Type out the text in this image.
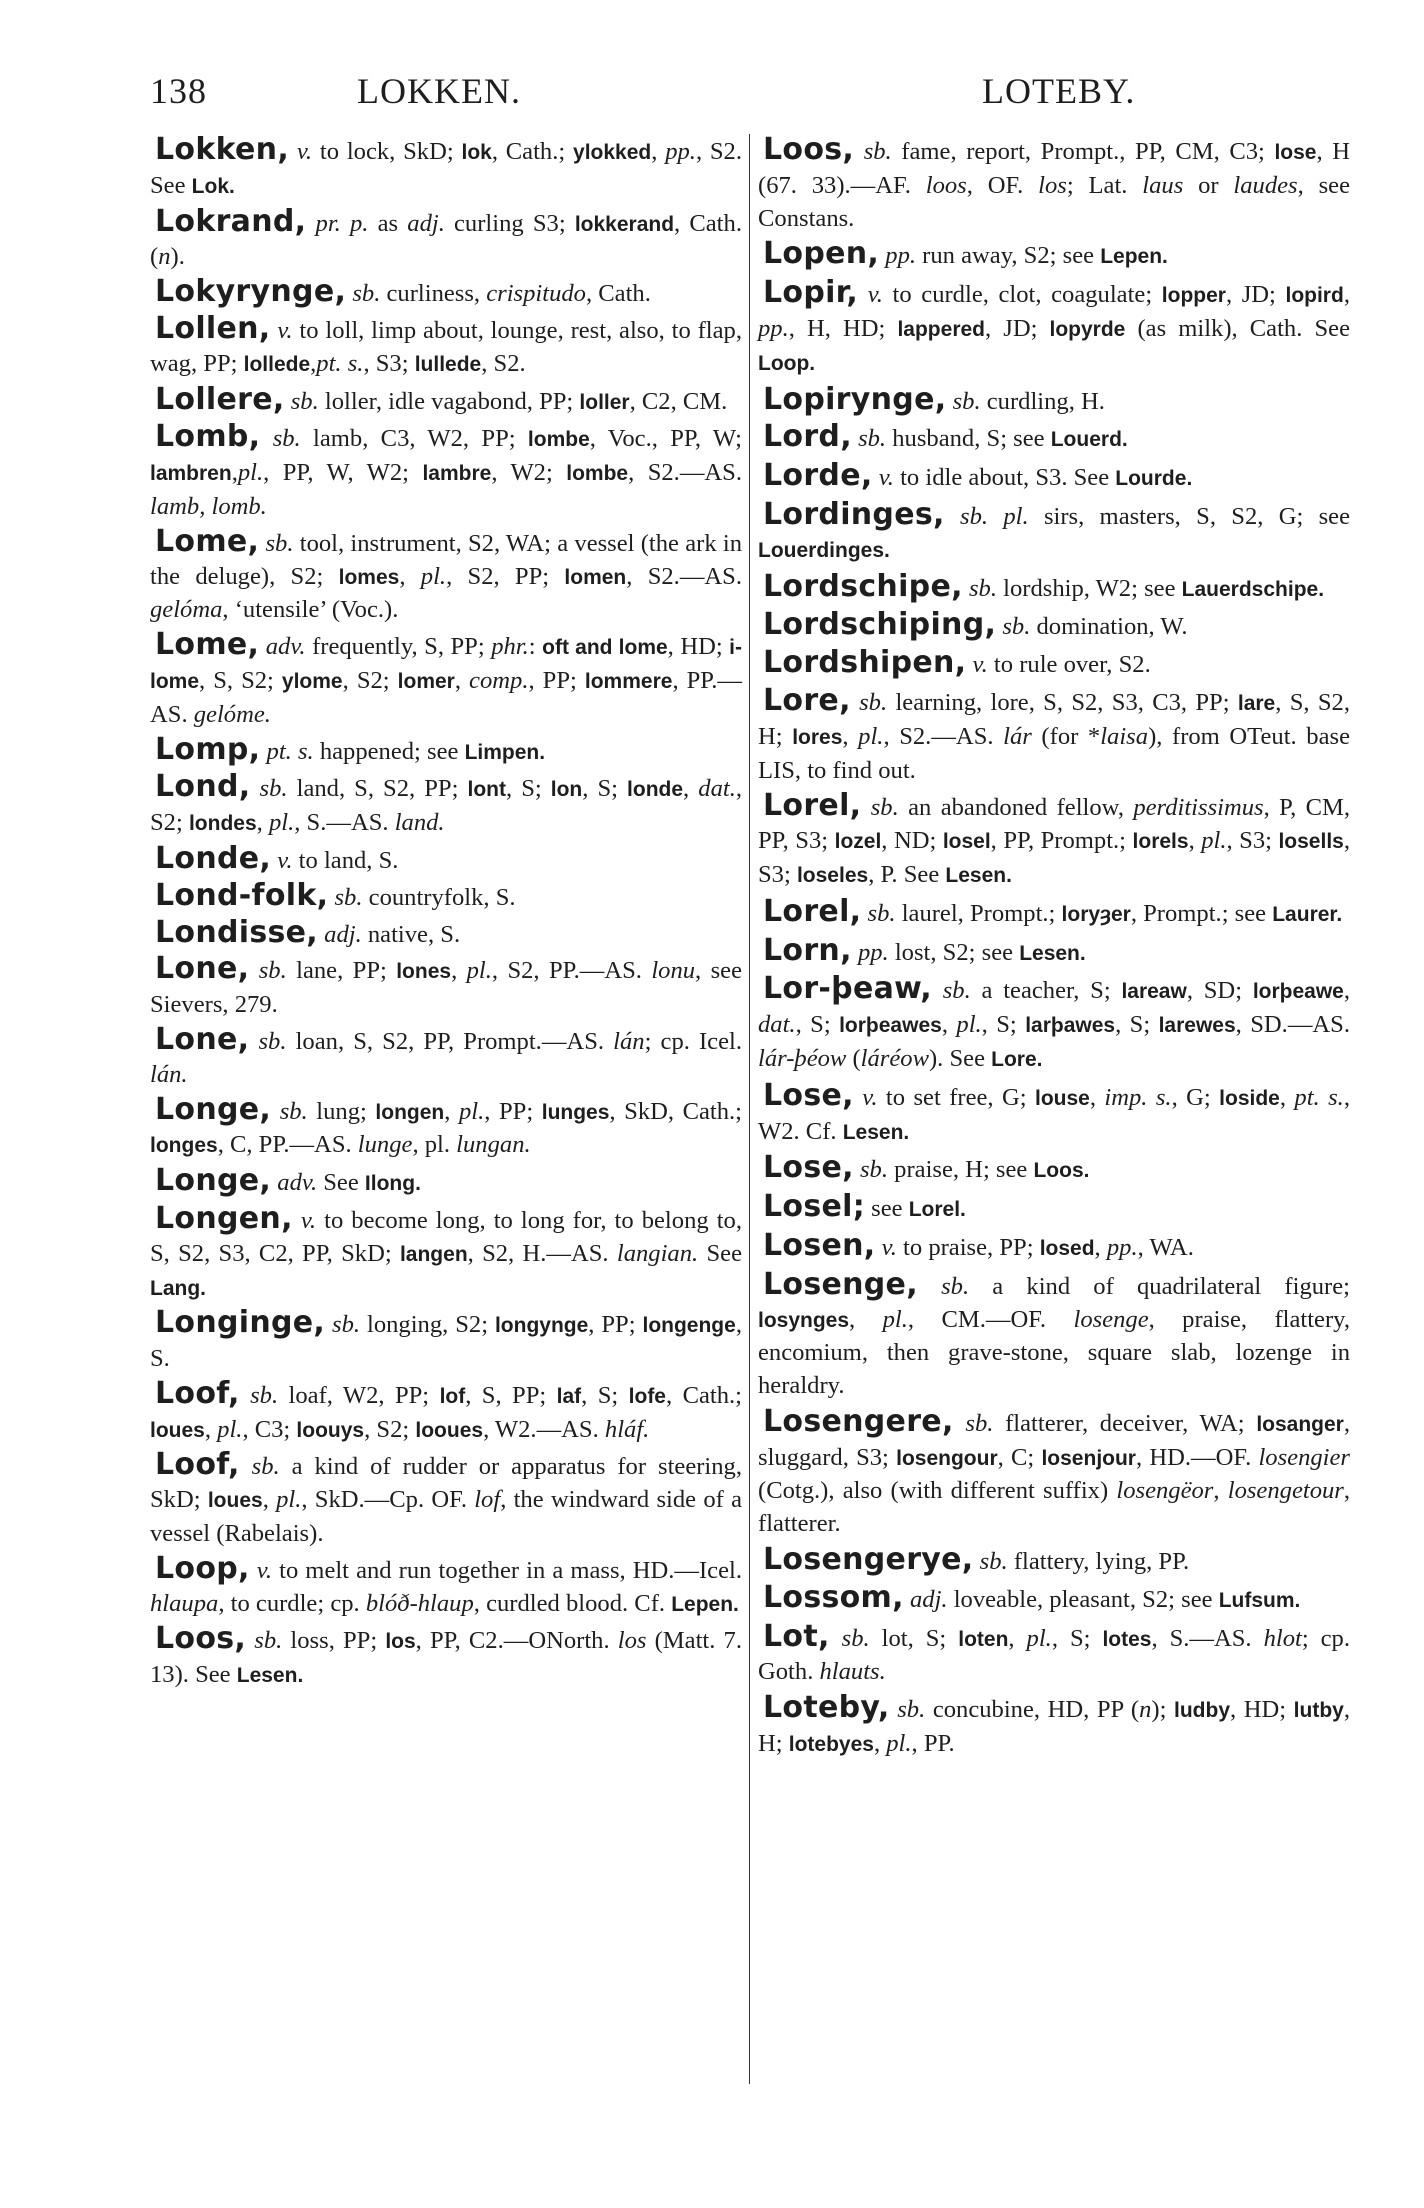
138	LOKKEN.	LOTEBY.

Lokken, v. to lock, SkD; lok, Cath.; ylokked, pp., S2. See Lok.

Lokrand, pr. p. as adj. curling S3; lokkerand, Cath. (n).

Lokyrynge, sb. curliness, crispitudo, Cath.

Lollen, v. to loll, limp about, lounge, rest, also, to flap, wag, PP; lollede,pt. s., S3; lullede, S2.

Lollere, sb. loller, idle vagabond, PP; loller, C2, CM.

Lomb, sb. lamb, C3, W2, PP; lombe, Voc., PP, W; lambren,pl., PP, W, W2; lambre, W2; lombe, S2.—AS. lamb, lomb.

Lome, sb. tool, instrument, S2, WA; a vessel (the ark in the deluge), S2; lomes, pl., S2, PP; lomen, S2.—AS. gelóma, ‘utensile’ (Voc.).

Lome, adv. frequently, S, PP; phr.: oft and lome, HD; i-lome, S, S2; ylome, S2; lomer, comp., PP; lommere, PP.—AS. gelóme.

Lomp, pt. s. happened; see Limpen.

Lond, sb. land, S, S2, PP; lont, S; lon, S; londe, dat., S2; londes, pl., S.—AS. land.

Londe, v. to land, S.

Lond-folk, sb. countryfolk, S.

Londisse, adj. native, S.

Lone, sb. lane, PP; lones, pl., S2, PP.—AS. lonu, see Sievers, 279.

Lone, sb. loan, S, S2, PP, Prompt.—AS. lán; cp. Icel. lán.

Longe, sb. lung; longen, pl., PP; lunges, SkD, Cath.; longes, C, PP.—AS. lunge, pl. lungan.

Longe, adv. See Ilong.

Longen, v. to become long, to long for, to belong to, S, S2, S3, C2, PP, SkD; langen, S2, H.—AS. langian. See Lang.

Longinge, sb. longing, S2; longynge, PP; longenge, S.

Loof, sb. loaf, W2, PP; lof, S, PP; laf, S; lofe, Cath.; loues, pl., C3; loouys, S2; looues, W2.—AS. hláf.

Loof, sb. a kind of rudder or apparatus for steering, SkD; loues, pl., SkD.—Cp. OF. lof, the windward side of a vessel (Rabelais).

Loop, v. to melt and run together in a mass, HD.—Icel. hlaupa, to curdle; cp. blóð-hlaup, curdled blood. Cf. Lepen.

Loos, sb. loss, PP; los, PP, C2.—ONorth. los (Matt. 7. 13). See Lesen.

Loos, sb. fame, report, Prompt., PP, CM, C3; lose, H (67. 33).—AF. loos, OF. los; Lat. laus or laudes, see Constans.

Lopen, pp. run away, S2; see Lepen.

Lopir, v. to curdle, clot, coagulate; lopper, JD; lopird, pp., H, HD; lappered, JD; lopyrde (as milk), Cath. See Loop.

Lopirynge, sb. curdling, H.

Lord, sb. husband, S; see Louerd.

Lorde, v. to idle about, S3. See Lourde.

Lordinges, sb. pl. sirs, masters, S, S2, G; see Louerdinges.

Lordschipe, sb. lordship, W2; see Lauerdschipe.

Lordschiping, sb. domination, W.

Lordshipen, v. to rule over, S2.

Lore, sb. learning, lore, S, S2, S3, C3, PP; lare, S, S2, H; lores, pl., S2.—AS. lár (for *laisa), from OTeut. base LIS, to find out.

Lorel, sb. an abandoned fellow, perditissimus, P, CM, PP, S3; lozel, ND; losel, PP, Prompt.; lorels, pl., S3; losells, S3; loseles, P. See Lesen.

Lorel, sb. laurel, Prompt.; loryȝer, Prompt.; see Laurer.

Lorn, pp. lost, S2; see Lesen.

Lor-þeaw, sb. a teacher, S; lareaw, SD; lorþeawe, dat., S; lorþeawes, pl., S; larþawes, S; larewes, SD.—AS. lár-þéow (láréow). See Lore.

Lose, v. to set free, G; louse, imp. s., G; loside, pt. s., W2. Cf. Lesen.

Lose, sb. praise, H; see Loos.

Losel; see Lorel.

Losen, v. to praise, PP; losed, pp., WA.

Losenge, sb. a kind of quadrilateral figure; losynges, pl., CM.—OF. losenge, praise, flattery, encomium, then grave-stone, square slab, lozenge in heraldry.

Losengere, sb. flatterer, deceiver, WA; losanger, sluggard, S3; losengour, C; losenjour, HD.—OF. losengier (Cotg.), also (with different suffix) losengëor, losengetour, flatterer.

Losengerye, sb. flattery, lying, PP.

Lossom, adj. loveable, pleasant, S2; see Lufsum.

Lot, sb. lot, S; loten, pl., S; lotes, S.—AS. hlot; cp. Goth. hlauts.

Loteby, sb. concubine, HD, PP (n); ludby, HD; lutby, H; lotebyes, pl., PP.
